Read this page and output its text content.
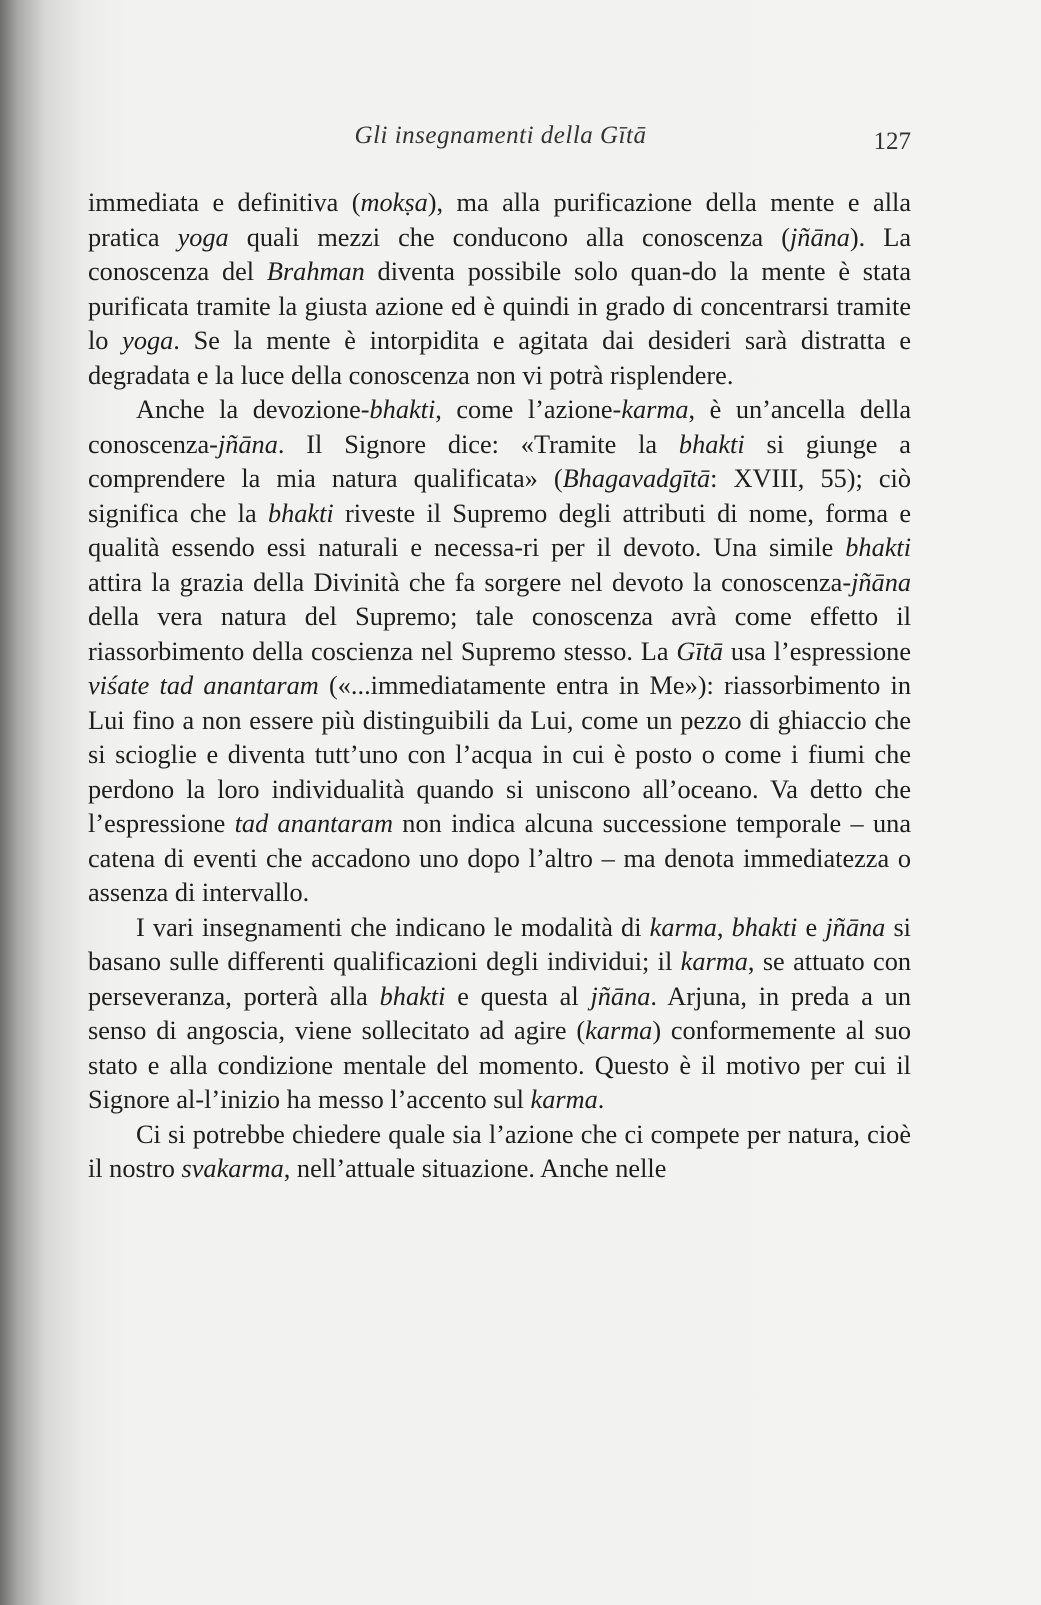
Gli insegnamenti della Gītā	127

immediata e definitiva (mokṣa), ma alla purificazione della mente e alla pratica yoga quali mezzi che conducono alla conoscenza (jñāna). La conoscenza del Brahman diventa possibile solo quan-do la mente è stata purificata tramite la giusta azione ed è quindi in grado di concentrarsi tramite lo yoga. Se la mente è intorpidita e agitata dai desideri sarà distratta e degradata e la luce della conoscenza non vi potrà risplendere.

Anche la devozione-bhakti, come l’azione-karma, è un’ancella della conoscenza-jñāna. Il Signore dice: «Tramite la bhakti si giunge a comprendere la mia natura qualificata» (Bhagavadgītā: XVIII, 55); ciò significa che la bhakti riveste il Supremo degli attributi di nome, forma e qualità essendo essi naturali e necessa-ri per il devoto. Una simile bhakti attira la grazia della Divinità che fa sorgere nel devoto la conoscenza-jñāna della vera natura del Supremo; tale conoscenza avrà come effetto il riassorbimento della coscienza nel Supremo stesso. La Gītā usa l’espressione viśate tad anantaram («...immediatamente entra in Me»): riassorbimento in Lui fino a non essere più distinguibili da Lui, come un pezzo di ghiaccio che si scioglie e diventa tutt’uno con l’acqua in cui è posto o come i fiumi che perdono la loro individualità quando si uniscono all’oceano. Va detto che l’espressione tad anantaram non indica alcuna successione temporale – una catena di eventi che accadono uno dopo l’altro – ma denota immediatezza o assenza di intervallo.

I vari insegnamenti che indicano le modalità di karma, bhakti e jñāna si basano sulle differenti qualificazioni degli individui; il karma, se attuato con perseveranza, porterà alla bhakti e questa al jñāna. Arjuna, in preda a un senso di angoscia, viene sollecitato ad agire (karma) conformemente al suo stato e alla condizione mentale del momento. Questo è il motivo per cui il Signore al-l’inizio ha messo l’accento sul karma.

Ci si potrebbe chiedere quale sia l’azione che ci compete per natura, cioè il nostro svakarma, nell’attuale situazione. Anche nelle
